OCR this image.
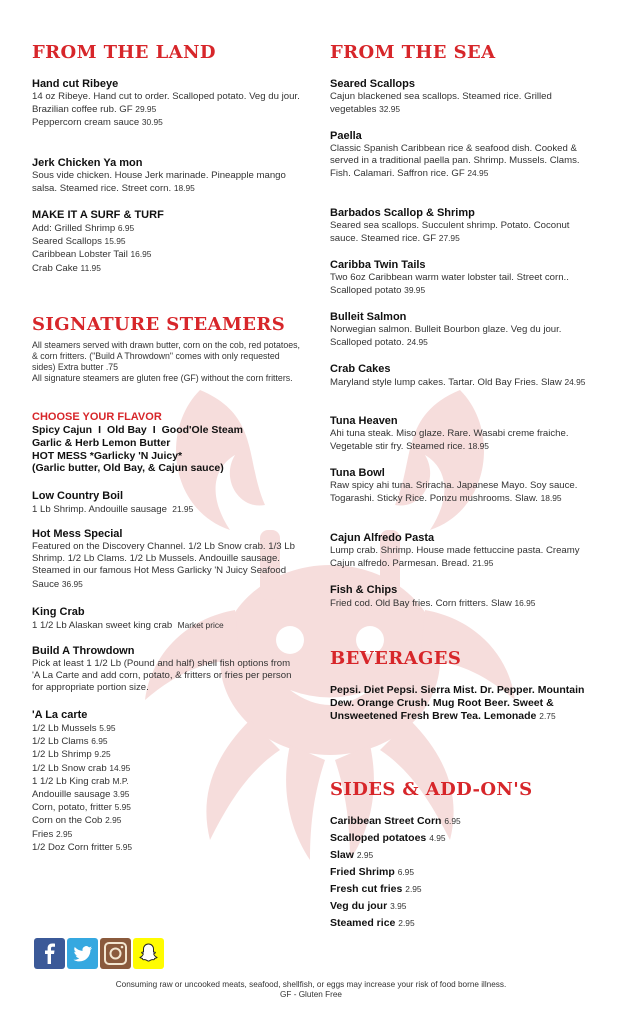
FROM THE LAND
Hand cut Ribeye
14 oz Ribeye. Hand cut to order. Scalloped potato. Veg du jour.
Brazilian coffee rub. GF 29.95
Peppercorn cream sauce 30.95
Jerk Chicken Ya mon
Sous vide chicken. House Jerk marinade. Pineapple mango salsa. Steamed rice. Street corn. 18.95
MAKE IT A SURF & TURF
Add: Grilled Shrimp 6.95
Seared Scallops 15.95
Caribbean Lobster Tail 16.95
Crab Cake 11.95
SIGNATURE STEAMERS
All steamers served with drawn butter, corn on the cob, red potatoes, & corn fritters. ("Build A Throwdown" comes with only requested sides) Extra butter .75
All signature steamers are gluten free (GF) without the corn fritters.
CHOOSE YOUR FLAVOR
Spicy Cajun I Old Bay I Good'Ole Steam
Garlic & Herb Lemon Butter
HOT MESS *Garlicky 'N Juicy*
(Garlic butter, Old Bay, & Cajun sauce)
Low Country Boil
1 Lb Shrimp. Andouille sausage 21.95
Hot Mess Special
Featured on the Discovery Channel. 1/2 Lb Snow crab. 1/3 Lb Shrimp. 1/2 Lb Clams. 1/2 Lb Mussels. Andouille sausage. Steamed in our famous Hot Mess Garlicky 'N Juicy Seafood Sauce 36.95
King Crab
1 1/2 Lb Alaskan sweet king crab Market price
Build A Throwdown
Pick at least 1 1/2 Lb (Pound and half) shell fish options from 'A La Carte and add corn, potato, & fritters or fries per person for appropriate portion size.
'A La carte
1/2 Lb Mussels 5.95
1/2 Lb Clams 6.95
1/2 Lb Shrimp 9.25
1/2 Lb Snow crab 14.95
1 1/2 Lb King crab M.P.
Andouille sausage 3.95
Corn, potato, fritter 5.95
Corn on the Cob 2.95
Fries 2.95
1/2 Doz Corn fritter 5.95
FROM THE SEA
Seared Scallops
Cajun blackened sea scallops. Steamed rice. Grilled vegetables 32.95
Paella
Classic Spanish Caribbean rice & seafood dish. Cooked & served in a traditional paella pan. Shrimp. Mussels. Clams. Fish. Calamari. Saffron rice. GF 24.95
Barbados Scallop & Shrimp
Seared sea scallops. Succulent shrimp. Potato. Coconut sauce. Steamed rice. GF 27.95
Caribba Twin Tails
Two 6oz Caribbean warm water lobster tail. Street corn.. Scalloped potato 39.95
Bulleit Salmon
Norwegian salmon. Bulleit Bourbon glaze. Veg du jour. Scalloped potato. 24.95
Crab Cakes
Maryland style lump cakes. Tartar. Old Bay Fries. Slaw 24.95
Tuna Heaven
Ahi tuna steak. Miso glaze. Rare. Wasabi creme fraiche. Vegetable stir fry. Steamed rice. 18.95
Tuna Bowl
Raw spicy ahi tuna. Sriracha. Japanese Mayo. Soy sauce. Togarashi. Sticky Rice. Ponzu mushrooms. Slaw. 18.95
Cajun Alfredo Pasta
Lump crab. Shrimp. House made fettuccine pasta. Creamy Cajun alfredo. Parmesan. Bread. 21.95
Fish & Chips
Fried cod. Old Bay fries. Corn fritters. Slaw 16.95
BEVERAGES
Pepsi. Diet Pepsi. Sierra Mist. Dr. Pepper. Mountain Dew. Orange Crush. Mug Root Beer. Sweet & Unsweetened Fresh Brew Tea. Lemonade 2.75
SIDES & ADD-ON'S
Caribbean Street Corn 6.95
Scalloped potatoes 4.95
Slaw 2.95
Fried Shrimp 6.95
Fresh cut fries 2.95
Veg du jour 3.95
Steamed rice 2.95
Consuming raw or uncooked meats, seafood, shellfish, or eggs may increase your risk of food borne illness.
GF - Gluten Free
